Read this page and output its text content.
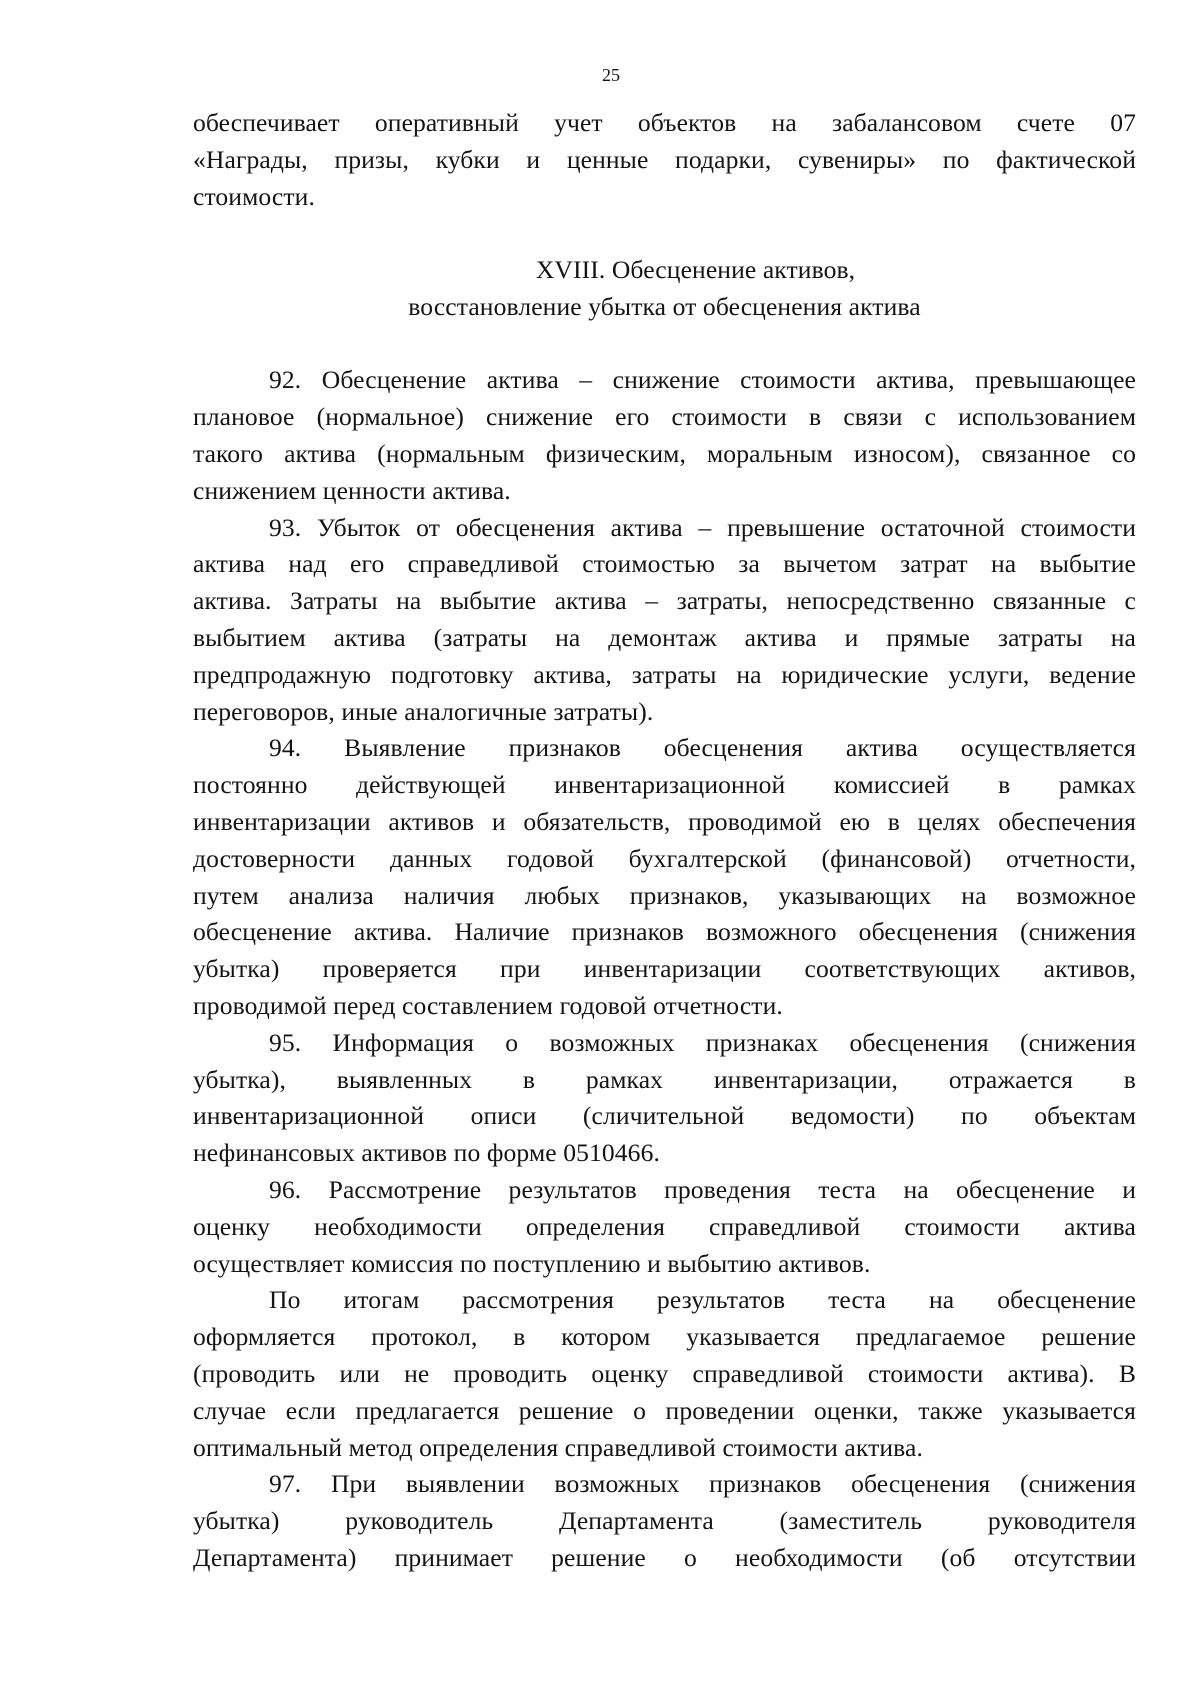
25

обеспечивает оперативный учет объектов на забалансовом счете 07

«Награды, призы, кубки и ценные подарки, сувениры» по фактической

стоимости.

XVIII. Обесценение активов,
восстановление убытка от обесценения актива

92. Обесценение актива – снижение стоимости актива, превышающее

плановое (нормальное) снижение его стоимости в связи с использованием

такого актива (нормальным физическим, моральным износом), связанное со

снижением ценности актива.

93. Убыток от обесценения актива – превышение остаточной стоимости

актива над его справедливой стоимостью за вычетом затрат на выбытие

актива. Затраты на выбытие актива – затраты, непосредственно связанные с

выбытием актива (затраты на демонтаж актива и прямые затраты на

предпродажную подготовку актива, затраты на юридические услуги, ведение

переговоров, иные аналогичные затраты).

94. Выявление признаков обесценения актива осуществляется

постоянно действующей инвентаризационной комиссией в рамках

инвентаризации активов и обязательств, проводимой ею в целях обеспечения

достоверности данных годовой бухгалтерской (финансовой) отчетности,

путем анализа наличия любых признаков, указывающих на возможное

обесценение актива. Наличие признаков возможного обесценения (снижения

убытка) проверяется при инвентаризации соответствующих активов,

проводимой перед составлением годовой отчетности.

95. Информация о возможных признаках обесценения (снижения

убытка), выявленных в рамках инвентаризации, отражается в

инвентаризационной описи (сличительной ведомости) по объектам

нефинансовых активов по форме 0510466.

96. Рассмотрение результатов проведения теста на обесценение и

оценку необходимости определения справедливой стоимости актива

осуществляет комиссия по поступлению и выбытию активов.

По итогам рассмотрения результатов теста на обесценение

оформляется протокол, в котором указывается предлагаемое решение

(проводить или не проводить оценку справедливой стоимости актива). В

случае если предлагается решение о проведении оценки, также указывается

оптимальный метод определения справедливой стоимости актива.

97. При выявлении возможных признаков обесценения (снижения

убытка) руководитель Департамента (заместитель руководителя

Департамента) принимает решение о необходимости (об отсутствии
